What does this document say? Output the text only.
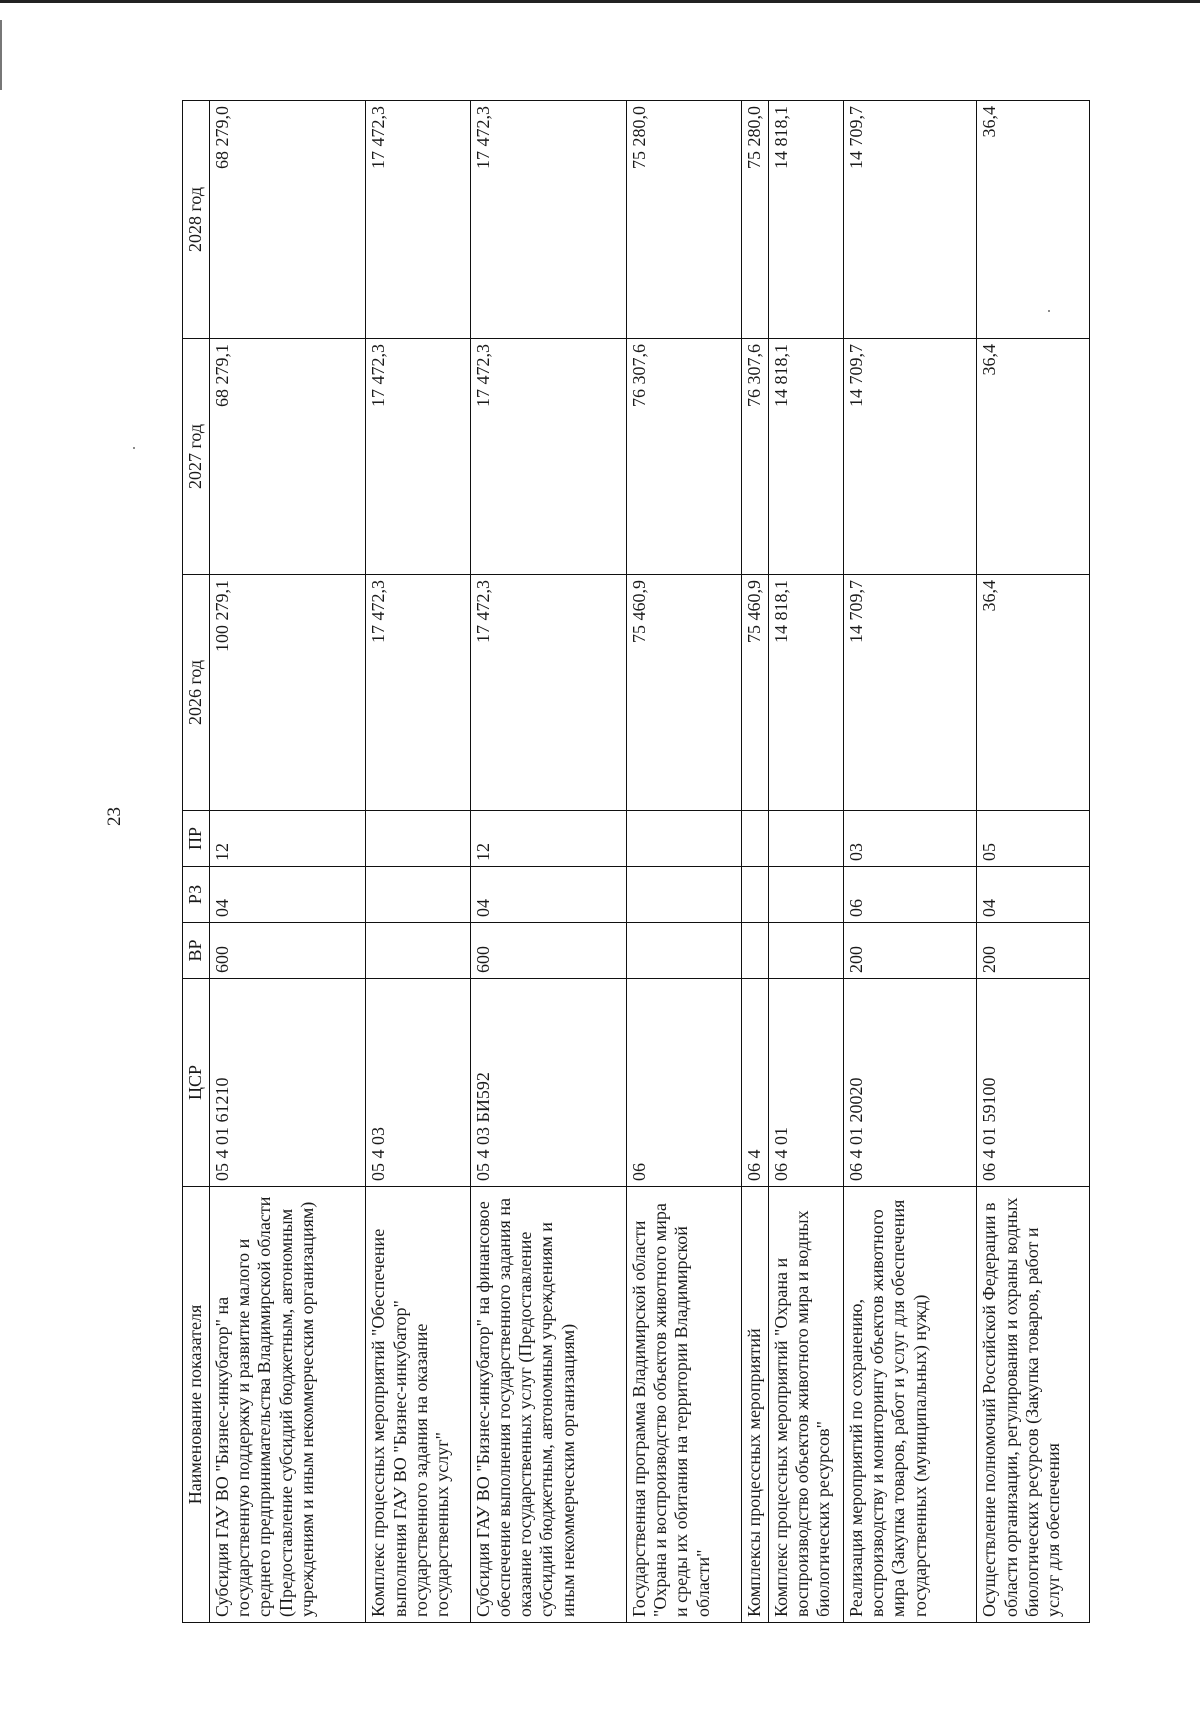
23
Наименование показателя	ЦСР	ВР	РЗ	ПР	2026 год	2027 год	2028 год
Субсидия ГАУ ВО "Бизнес-инкубатор" на государственную поддержку и развитие малого и среднего предпринимательства Владимирской области (Предоставление субсидий бюджетным, автономным учреждениям и иным некоммерческим организациям)	05 4 01 61210	600	04	12	100 279,1	68 279,1	68 279,0
Комплекс процессных мероприятий "Обеспечение выполнения ГАУ ВО "Бизнес-инкубатор" государственного задания на оказание государственных услуг"	05 4 03				17 472,3	17 472,3	17 472,3
Субсидия ГАУ ВО "Бизнес-инкубатор" на финансовое обеспечение выполнения государственного задания на оказание государственных услуг (Предоставление субсидий бюджетным, автономным учреждениям и иным некоммерческим организациям)	05 4 03 БИ592	600	04	12	17 472,3	17 472,3	17 472,3
Государственная программа Владимирской области "Охрана и воспроизводство объектов животного мира и среды их обитания на территории Владимирской области"	06				75 460,9	76 307,6	75 280,0
Комплексы процессных мероприятий	06 4				75 460,9	76 307,6	75 280,0
Комплекс процессных мероприятий "Охрана и воспроизводство объектов животного мира и водных биологических ресурсов"	06 4 01				14 818,1	14 818,1	14 818,1
Реализация мероприятий по сохранению, воспроизводству и мониторингу объектов животного мира (Закупка товаров, работ и услуг для обеспечения государственных (муниципальных) нужд)	06 4 01 20020	200	06	03	14 709,7	14 709,7	14 709,7
Осуществление полномочий Российской Федерации в области организации, регулирования и охраны водных биологических ресурсов (Закупка товаров, работ и услуг для обеспечения	06 4 01 59100	200	04	05	36,4	36,4	36,4
